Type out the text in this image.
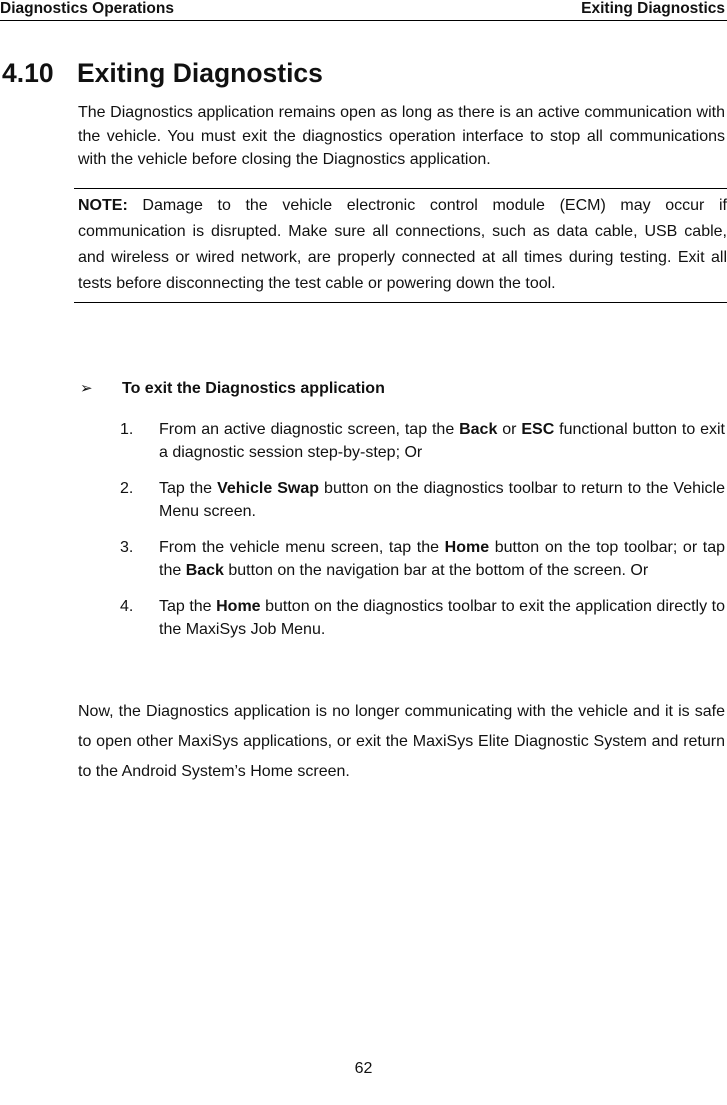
Diagnostics Operations	Exiting Diagnostics
4.10 Exiting Diagnostics

The Diagnostics application remains open as long as there is an active communication with the vehicle. You must exit the diagnostics operation interface to stop all communications with the vehicle before closing the Diagnostics application.

NOTE: Damage to the vehicle electronic control module (ECM) may occur if communication is disrupted. Make sure all connections, such as data cable, USB cable, and wireless or wired network, are properly connected at all times during testing. Exit all tests before disconnecting the test cable or powering down the tool.

➢ To exit the Diagnostics application

1. From an active diagnostic screen, tap the Back or ESC functional button to exit a diagnostic session step-by-step; Or
2. Tap the Vehicle Swap button on the diagnostics toolbar to return to the Vehicle Menu screen.
3. From the vehicle menu screen, tap the Home button on the top toolbar; or tap the Back button on the navigation bar at the bottom of the screen. Or
4. Tap the Home button on the diagnostics toolbar to exit the application directly to the MaxiSys Job Menu.

Now, the Diagnostics application is no longer communicating with the vehicle and it is safe to open other MaxiSys applications, or exit the MaxiSys Elite Diagnostic System and return to the Android System’s Home screen.

62
